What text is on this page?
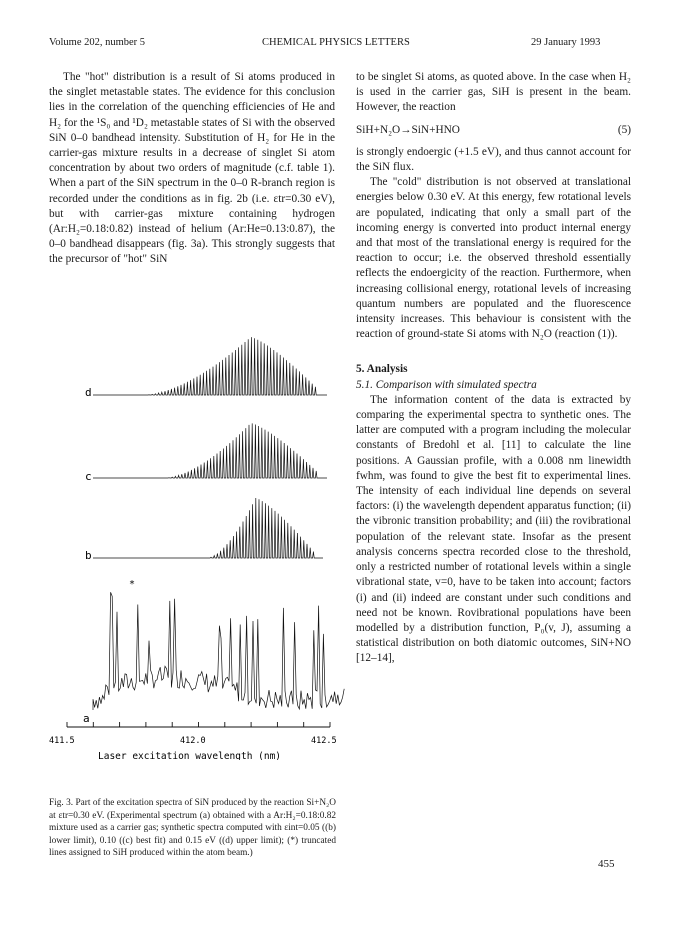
Volume 202, number 5	CHEMICAL PHYSICS LETTERS	29 January 1993

The "hot" distribution is a result of Si atoms produced in the singlet metastable states. The evidence for this conclusion lies in the correlation of the quenching efficiencies of He and H₂ for the ¹S₀ and ¹D₂ metastable states of Si with the observed SiN 0–0 bandhead intensity. Substitution of H₂ for He in the carrier-gas mixture results in a decrease of singlet Si atom concentration by about two orders of magnitude (c.f. table 1). When a part of the SiN spectrum in the 0–0 R-branch region is recorded under the conditions as in fig. 2b (i.e. εtr=0.30 eV), but with carrier-gas mixture containing hydrogen (Ar:H₂=0.18:0.82) instead of helium (Ar:He=0.13:0.87), the 0–0 bandhead disappears (fig. 3a). This strongly suggests that the precursor of "hot" SiN

to be singlet Si atoms, as quoted above. In the case when H₂ is used in the carrier gas, SiH is present in the beam. However, the reaction

SiH+N₂O→SiN+HNO	(5)

is strongly endoergic (+1.5 eV), and thus cannot account for the SiN flux.

The "cold" distribution is not observed at translational energies below 0.30 eV. At this energy, few rotational levels are populated, indicating that only a small part of the incoming energy is converted into product internal energy and that most of the translational energy is required for the reaction to occur; i.e. the observed threshold essentially reflects the endoergicity of the reaction. Furthermore, when increasing collisional energy, rotational levels of increasing quantum numbers are populated and the fluorescence intensity increases. This behaviour is consistent with the reaction of ground-state Si atoms with N₂O (reaction (1)).

5. Analysis

5.1. Comparison with simulated spectra

The information content of the data is extracted by comparing the experimental spectra to synthetic ones. The latter are computed with a program including the molecular constants of Bredohl et al. [11] to calculate the line positions. A Gaussian profile, with a 0.008 nm linewidth fwhm, was found to give the best fit to experimental lines. The intensity of each individual line depends on several factors: (i) the wavelength dependent apparatus function; (ii) the vibronic transition probability; and (iii) the rovibrational population of the relevant state. Insofar as the present analysis concerns spectra recorded close to the threshold, only a restricted number of rotational levels within a single vibrational state, v=0, have to be taken into account; factors (i) and (ii) indeed are constant under such conditions and need not be known. Rovibrational populations have been modelled by a distribution function, P₀(v, J), assuming a statistical distribution on both diatomic outcomes, SiN+NO [12–14],

d
c
b
a
*
411.5	412.0	412.5
Laser excitation wavelength (nm)
Fig. 3. Part of the excitation spectra of SiN produced by the reaction Si+N₂O at εtr=0.30 eV. (Experimental spectrum (a) obtained with a Ar:H₂=0.18:0.82 mixture used as a carrier gas; synthetic spectra computed with εint=0.05 ((b) lower limit), 0.10 ((c) best fit) and 0.15 eV ((d) upper limit); (*) truncated lines assigned to SiH produced within the atom beam.)
455
